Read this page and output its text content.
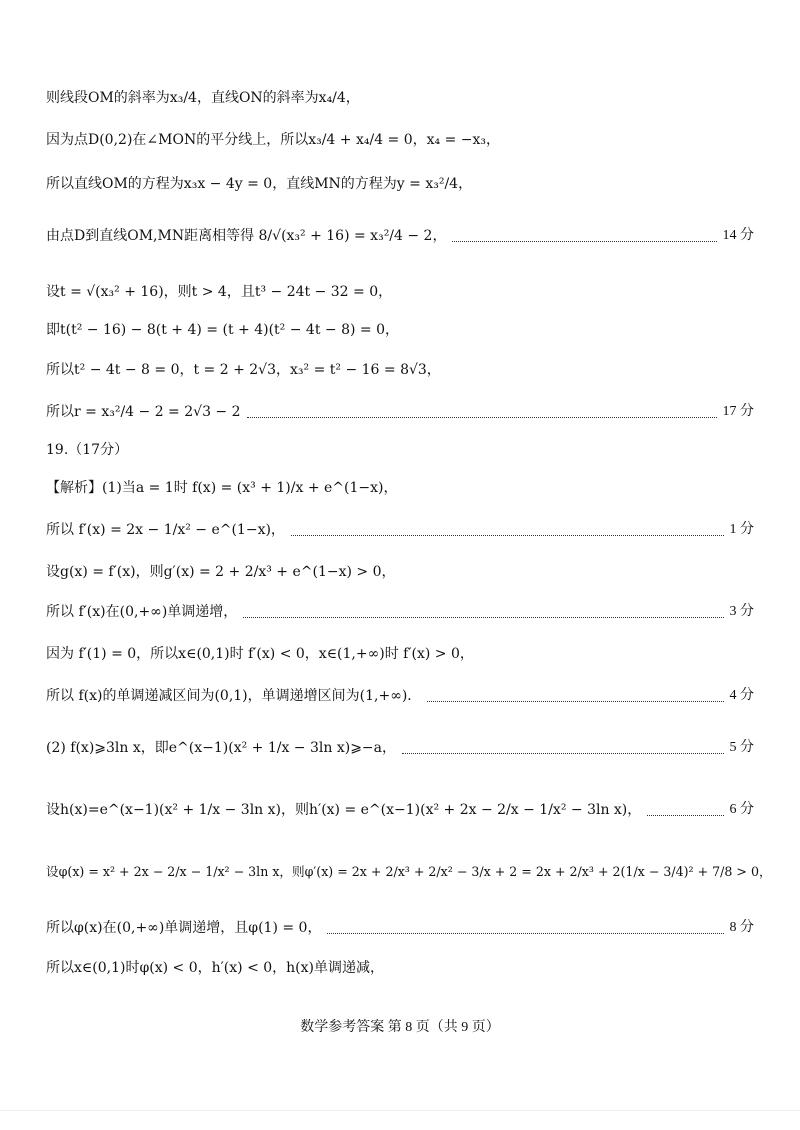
则线段OM的斜率为x₃/4，直线ON的斜率为x₄/4，
因为点D(0,2)在∠MON的平分线上，所以x₃/4 + x₄/4 = 0，x₄ = −x₃，
所以直线OM的方程为x₃x − 4y = 0，直线MN的方程为y = x₃²/4，
由点D到直线OM,MN距离相等得 8/√(x₃² + 16) = x₃²/4 − 2，	14 分
设t = √(x₃² + 16)，则t > 4，且t³ − 24t − 32 = 0，
即t(t² − 16) − 8(t + 4) = (t + 4)(t² − 4t − 8) = 0，
所以t² − 4t − 8 = 0，t = 2 + 2√3，x₃² = t² − 16 = 8√3，
所以r = x₃²/4 − 2 = 2√3 − 2	17 分
19.（17分）
【解析】(1)当a = 1时 f(x) = (x³ + 1)/x + e^(1−x)，
所以 f′(x) = 2x − 1/x² − e^(1−x)，	1 分
设g(x) = f′(x)，则g′(x) = 2 + 2/x³ + e^(1−x) > 0，
所以 f′(x)在(0,+∞)单调递增，	3 分
因为 f′(1) = 0，所以x∈(0,1)时 f′(x) < 0，x∈(1,+∞)时 f′(x) > 0，
所以 f(x)的单调递减区间为(0,1)，单调递增区间为(1,+∞)．	4 分
(2) f(x)⩾3ln x，即e^(x−1)(x² + 1/x − 3ln x)⩾−a，	5 分
设h(x)=e^(x−1)(x² + 1/x − 3ln x)，则h′(x) = e^(x−1)(x² + 2x − 2/x − 1/x² − 3ln x)，	6 分
设φ(x) = x² + 2x − 2/x − 1/x² − 3ln x，则φ′(x) = 2x + 2/x³ + 2/x² − 3/x + 2 = 2x + 2/x³ + 2(1/x − 3/4)² + 7/8 > 0，
所以φ(x)在(0,+∞)单调递增，且φ(1) = 0，	8 分
所以x∈(0,1)时φ(x) < 0，h′(x) < 0，h(x)单调递减，
数学参考答案 第 8 页（共 9 页）
